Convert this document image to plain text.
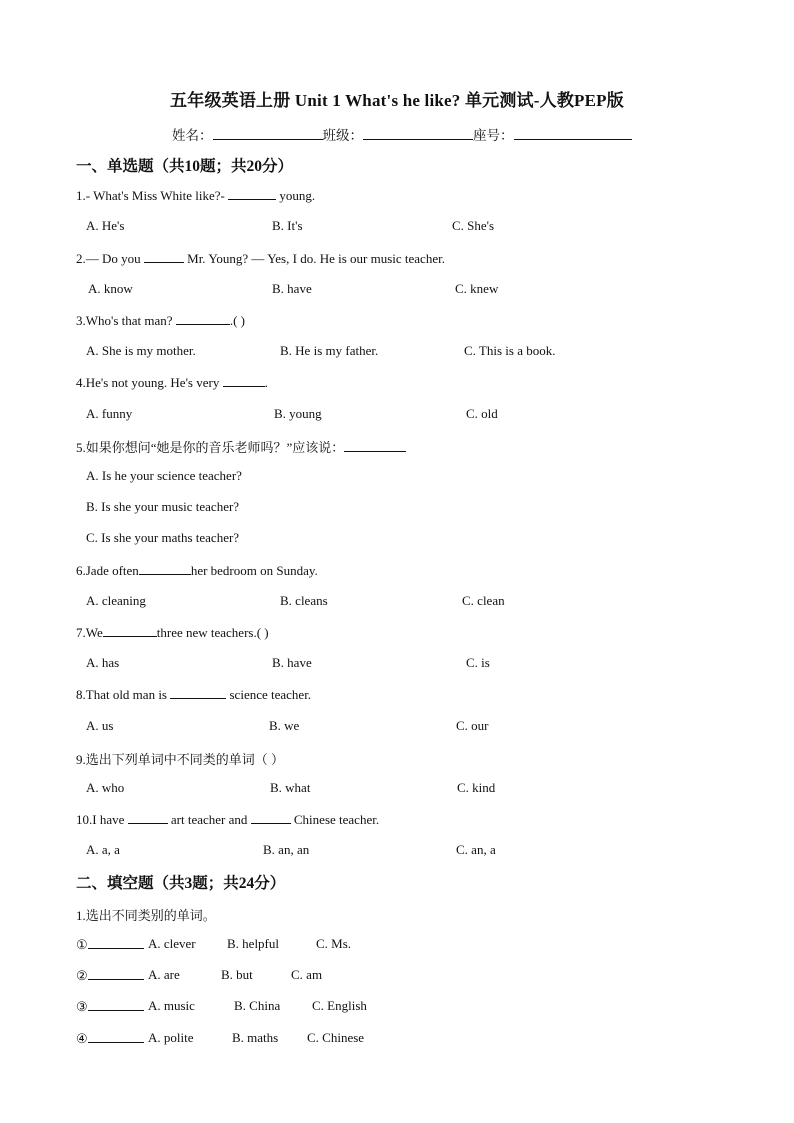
五年级英语上册 Unit 1 What's he like? 单元测试-人教PEP版
姓名：	班级：	座号：
一、单选题（共10题；共20分）
1.- What's Miss White like?-	young.
A. He's	B. It's	C. She's
2.— Do you	Mr. Young? — Yes, I do. He is our music teacher.
A. know	B. have	C. knew
3.Who's that man?	.( )
A. She is my mother.	B. He is my father.	C. This is a book.
4.He's not young. He's very	.
A. funny	B. young	C. old
5.如果你想问“她是你的音乐老师吗？”应该说：
A. Is he your science teacher?
B. Is she your music teacher?
C. Is she your maths teacher?
6.Jade often	her bedroom on Sunday.
A. cleaning	B. cleans	C. clean
7.We	three new teachers.( )
A. has	B. have	C. is
8.That old man is	science teacher.
A. us	B. we	C. our
9.选出下列单词中不同类的单词（ ）
A. who	B. what	C. kind
10.I have	art teacher and	Chinese teacher.
A. a, a	B. an, an	C. an, a
二、填空题（共3题；共24分）
1.选出不同类别的单词。
①	A. clever B. helpful	C. Ms.
②	A. are	B. but	C. am
③	A. music	B. China C. English
④	A. polite	B. maths C. Chinese
